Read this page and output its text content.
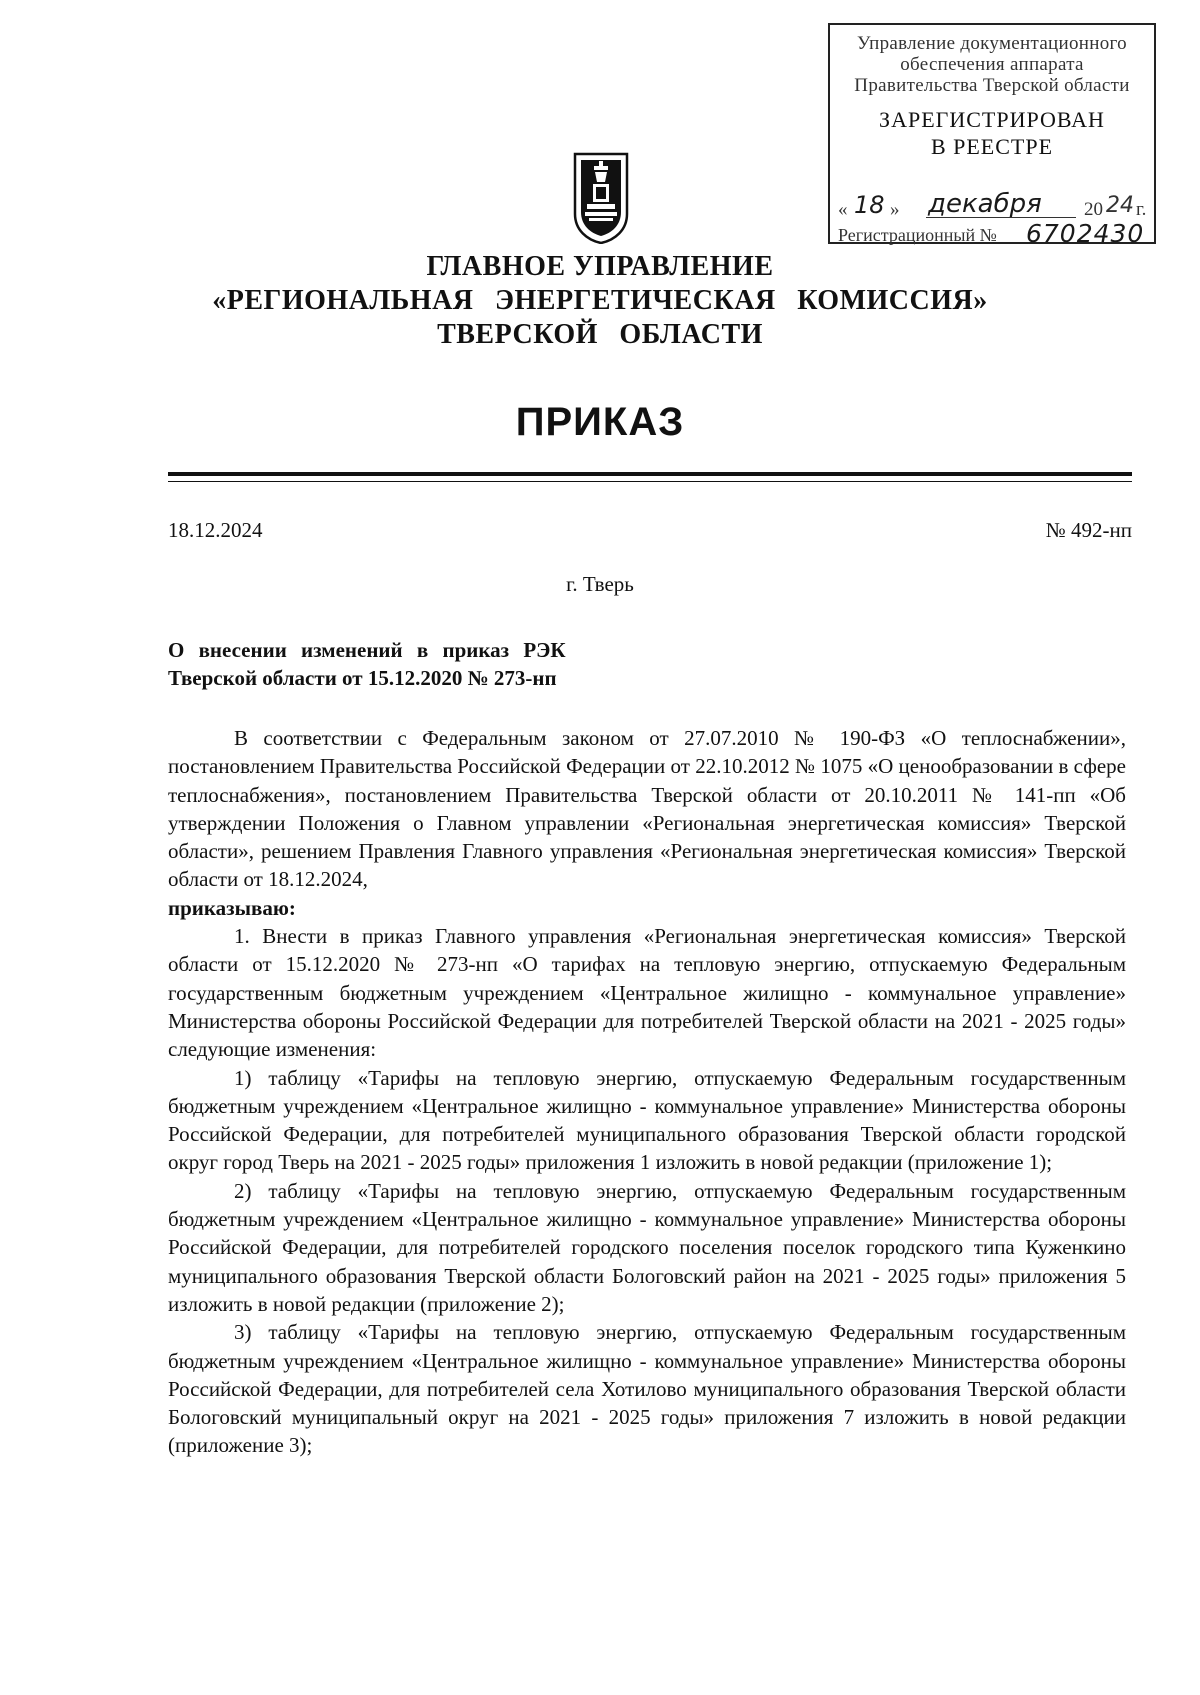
Управление документационного
обеспечения аппарата
Правительства Тверской области
ЗАРЕГИСТРИРОВАН
В РЕЕСТРЕ
« 18 » декабря 20 24 г.
Регистрационный № 6702430
ГЛАВНОЕ УПРАВЛЕНИЕ
«РЕГИОНАЛЬНАЯ ЭНЕРГЕТИЧЕСКАЯ КОМИССИЯ»
ТВЕРСКОЙ ОБЛАСТИ
ПРИКАЗ
18.12.2024	№ 492-нп
г. Тверь
О внесении изменений в приказ РЭК
Тверской области от 15.12.2020 № 273-нп

В соответствии с Федеральным законом от 27.07.2010 № 190-ФЗ «О теплоснабжении», постановлением Правительства Российской Федерации от 22.10.2012 № 1075 «О ценообразовании в сфере теплоснабжения», постановлением Правительства Тверской области от 20.10.2011 № 141-пп «Об утверждении Положения о Главном управлении «Региональная энергетическая комиссия» Тверской области», решением Правления Главного управления «Региональная энергетическая комиссия» Тверской области от 18.12.2024,

приказываю:

1. Внести в приказ Главного управления «Региональная энергетическая комиссия» Тверской области от 15.12.2020 № 273-нп «О тарифах на тепловую энергию, отпускаемую Федеральным государственным бюджетным учреждением «Центральное жилищно - коммунальное управление» Министерства обороны Российской Федерации для потребителей Тверской области на 2021 - 2025 годы» следующие изменения:

1) таблицу «Тарифы на тепловую энергию, отпускаемую Федеральным государственным бюджетным учреждением «Центральное жилищно - коммунальное управление» Министерства обороны Российской Федерации, для потребителей муниципального образования Тверской области городской округ город Тверь на 2021 - 2025 годы» приложения 1 изложить в новой редакции (приложение 1);

2) таблицу «Тарифы на тепловую энергию, отпускаемую Федеральным государственным бюджетным учреждением «Центральное жилищно - коммунальное управление» Министерства обороны Российской Федерации, для потребителей городского поселения поселок городского типа Куженкино муниципального образования Тверской области Бологовский район на 2021 - 2025 годы» приложения 5 изложить в новой редакции (приложение 2);

3) таблицу «Тарифы на тепловую энергию, отпускаемую Федеральным государственным бюджетным учреждением «Центральное жилищно - коммунальное управление» Министерства обороны Российской Федерации, для потребителей села Хотилово муниципального образования Тверской области Бологовский муниципальный округ на 2021 - 2025 годы» приложения 7 изложить в новой редакции (приложение 3);
